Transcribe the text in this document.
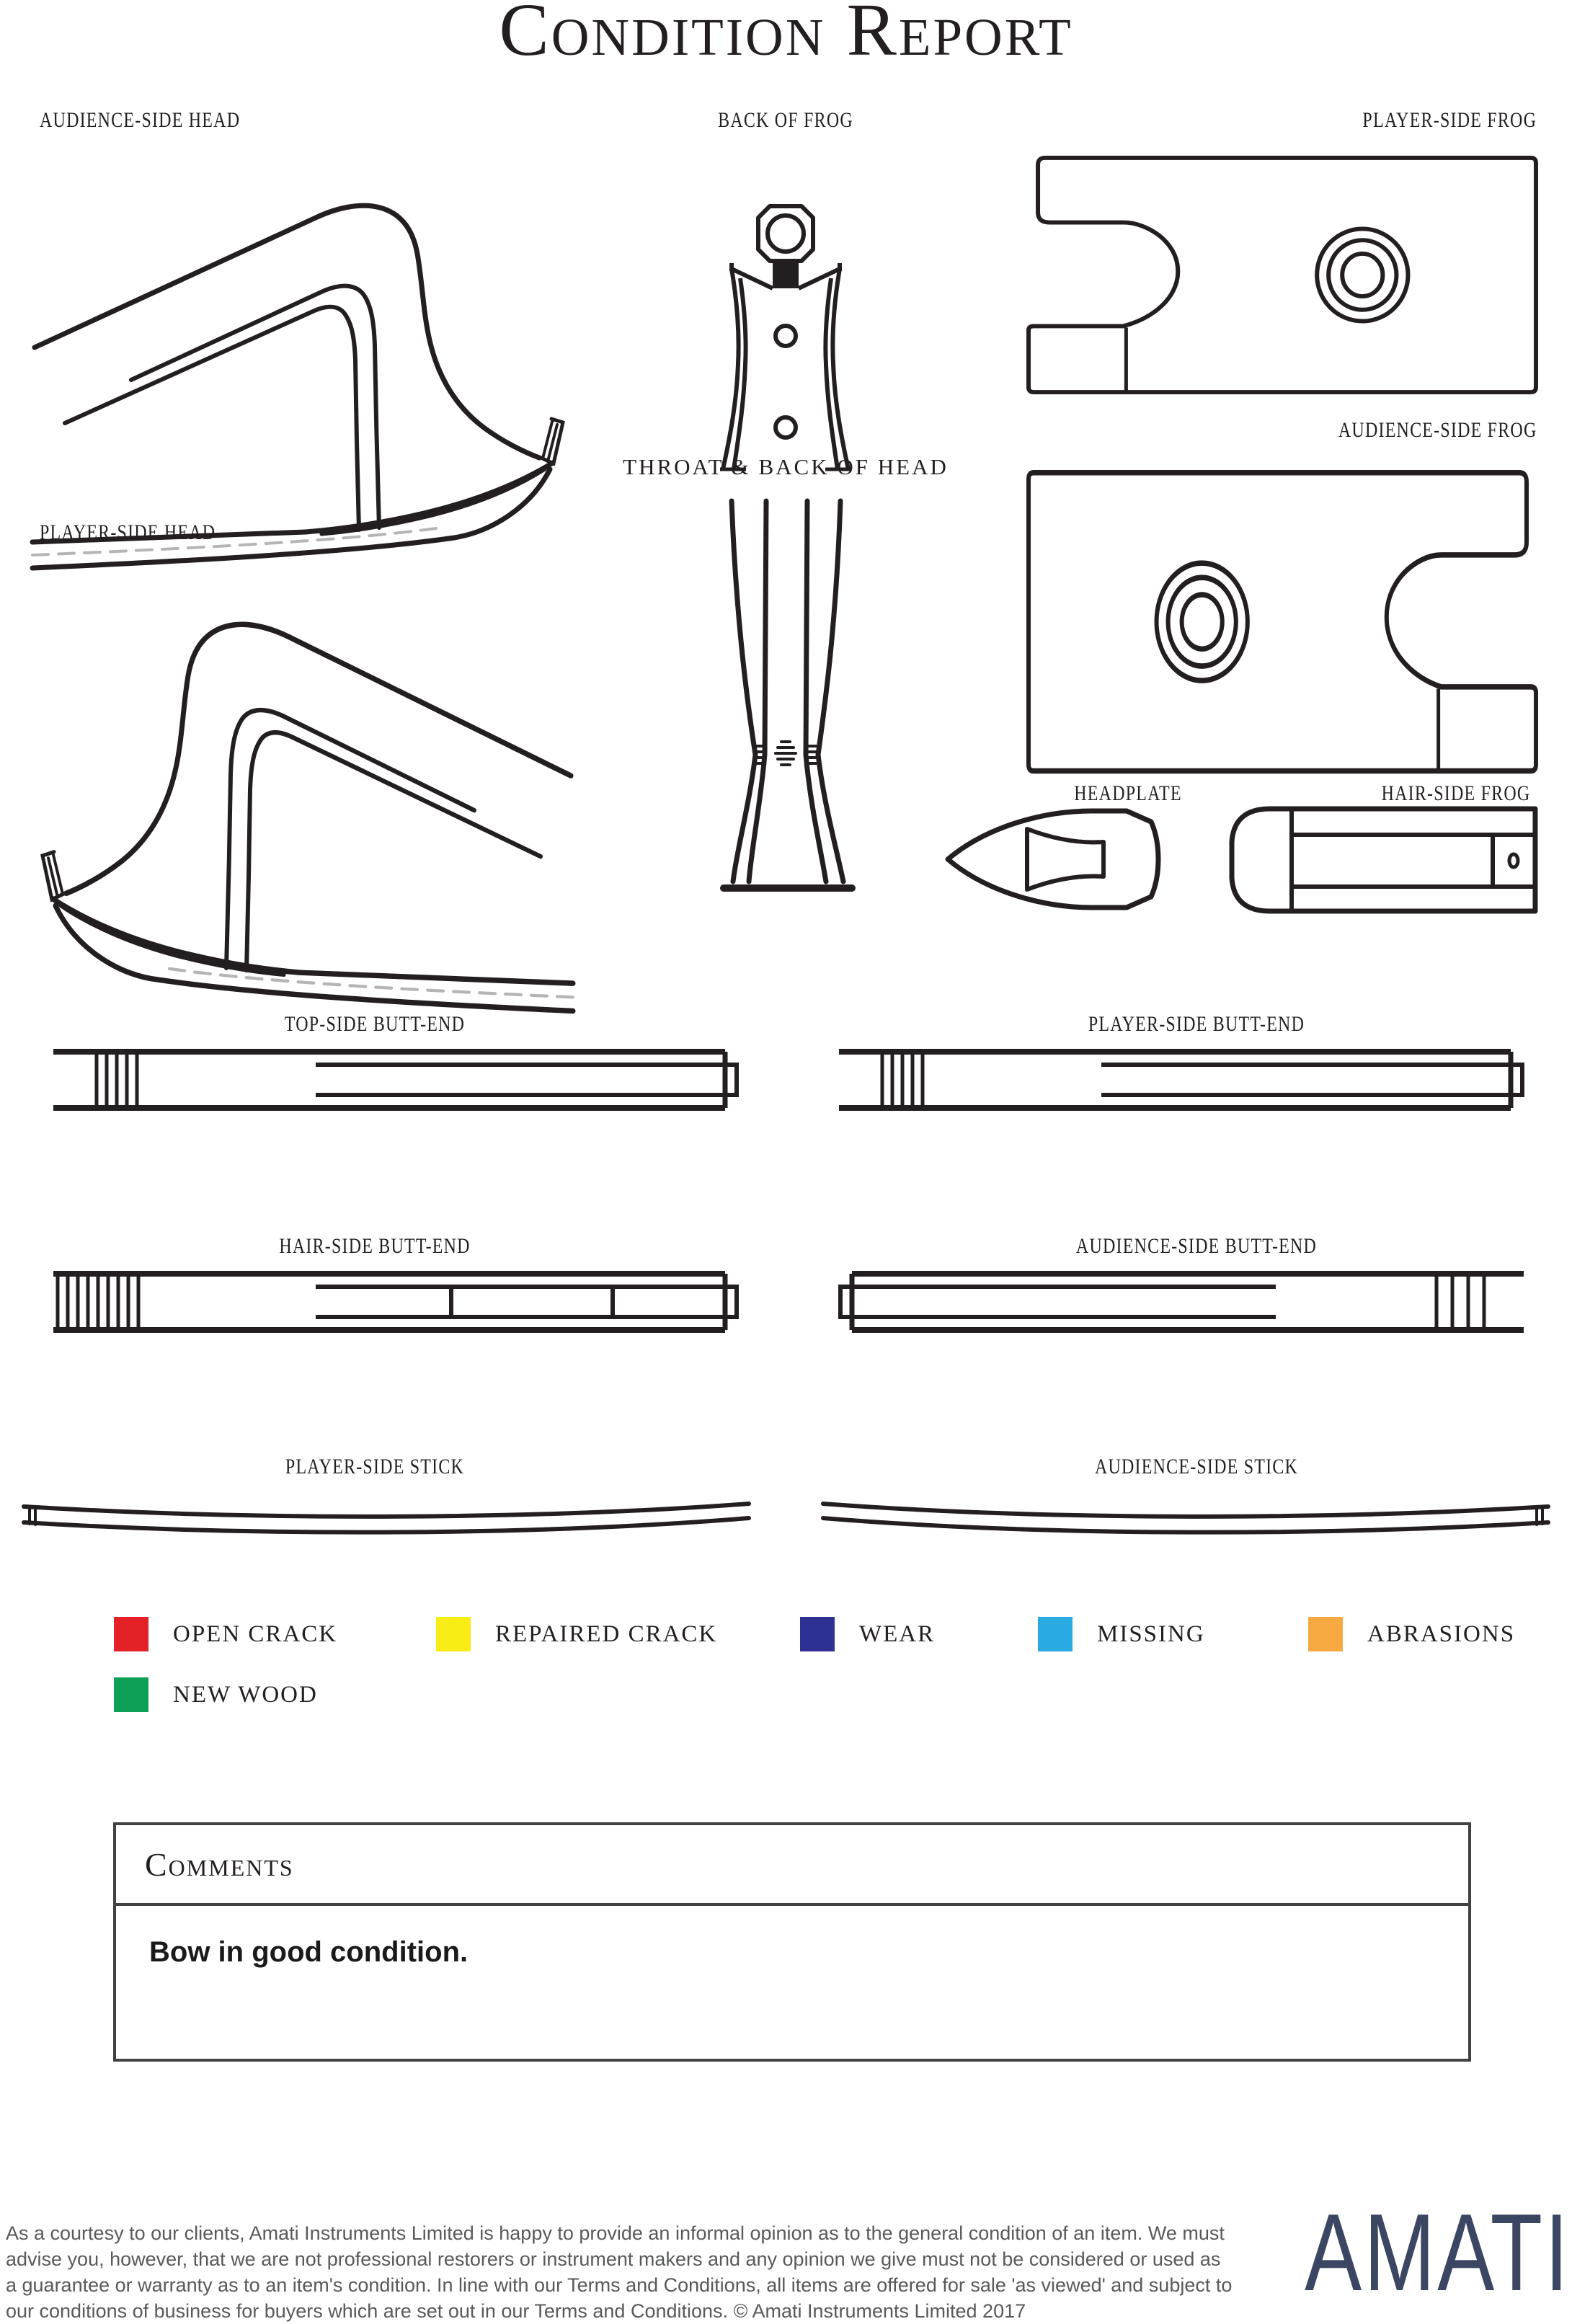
Condition Report
AUDIENCE-SIDE HEAD	BACK OF FROG	PLAYER-SIDE FROG
AUDIENCE-SIDE FROG
PLAYER-SIDE HEAD
THROAT & BACK OF HEAD
HEADPLATE	HAIR-SIDE FROG
TOP-SIDE BUTT-END	PLAYER-SIDE BUTT-END
HAIR-SIDE BUTT-END	AUDIENCE-SIDE BUTT-END
PLAYER-SIDE STICK	AUDIENCE-SIDE STICK
OPEN CRACK	REPAIRED CRACK	WEAR	MISSING	ABRASIONS
NEW WOOD
Comments
Bow in good condition.
As a courtesy to our clients, Amati Instruments Limited is happy to provide an informal opinion as to the general condition of an item. We must
advise you, however, that we are not professional restorers or instrument makers and any opinion we give must not be considered or used as
a guarantee or warranty as to an item's condition. In line with our Terms and Conditions, all items are offered for sale 'as viewed' and subject to
our conditions of business for buyers which are set out in our Terms and Conditions. © Amati Instruments Limited 2017	AMATI
